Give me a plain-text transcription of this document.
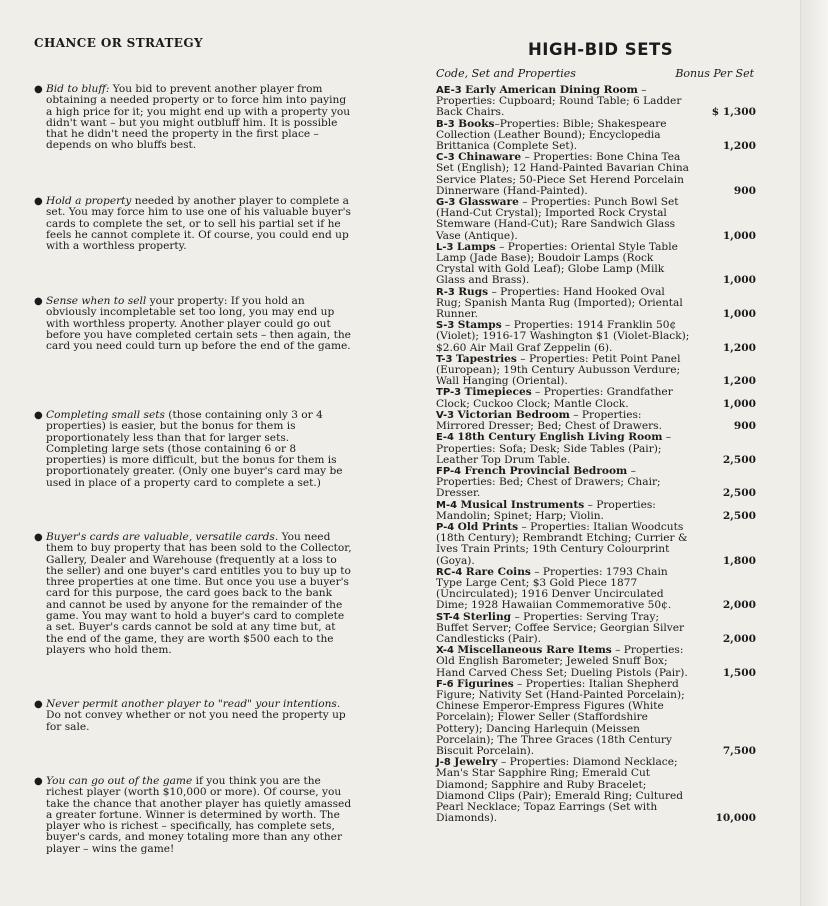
CHANCE OR STRATEGY
● Bid to bluff: You bid to prevent another player from obtaining a needed property or to force him into paying a high price for it; you might end up with a property you didn't want – but you might outbluff him. It is possible that he didn't need the property in the first place – depends on who bluffs best.
● Hold a property needed by another player to complete a set. You may force him to use one of his valuable buyer's cards to complete the set, or to sell his partial set if he feels he cannot complete it. Of course, you could end up with a worthless property.
● Sense when to sell your property: If you hold an obviously incompletable set too long, you may end up with worthless property. Another player could go out before you have completed certain sets – then again, the card you need could turn up before the end of the game.
● Completing small sets (those containing only 3 or 4 properties) is easier, but the bonus for them is proportionately less than that for larger sets. Completing large sets (those containing 6 or 8 properties) is more difficult, but the bonus for them is proportionately greater. (Only one buyer's card may be used in place of a property card to complete a set.)
● Buyer's cards are valuable, versatile cards. You need them to buy property that has been sold to the Collector, Gallery, Dealer and Warehouse (frequently at a loss to the seller) and one buyer's card entitles you to buy up to three properties at one time. But once you use a buyer's card for this purpose, the card goes back to the bank and cannot be used by anyone for the remainder of the game. You may want to hold a buyer's card to complete a set. Buyer's cards cannot be sold at any time but, at the end of the game, they are worth $500 each to the players who hold them.
● Never permit another player to "read" your intentions. Do not convey whether or not you need the property up for sale.
● You can go out of the game if you think you are the richest player (worth $10,000 or more). Of course, you take the chance that another player has quietly amassed a greater fortune. Winner is determined by worth. The player who is richest – specifically, has complete sets, buyer's cards, and money totaling more than any other player – wins the game!
HIGH-BID SETS
Code, Set and Properties	Bonus Per Set
AE-3 Early American Dining Room – Properties: Cupboard; Round Table; 6 Ladder Back Chairs.	$ 1,300
B-3 Books–Properties: Bible; Shakespeare Collection (Leather Bound); Encyclopedia Brittanica (Complete Set).	1,200
C-3 Chinaware – Properties: Bone China Tea Set (English); 12 Hand-Painted Bavarian China Service Plates; 50-Piece Set Herend Porcelain Dinnerware (Hand-Painted).	900
G-3 Glassware – Properties: Punch Bowl Set (Hand-Cut Crystal); Imported Rock Crystal Stemware (Hand-Cut); Rare Sandwich Glass Vase (Antique).	1,000
L-3 Lamps – Properties: Oriental Style Table Lamp (Jade Base); Boudoir Lamps (Rock Crystal with Gold Leaf); Globe Lamp (Milk Glass and Brass).	1,000
R-3 Rugs – Properties: Hand Hooked Oval Rug; Spanish Manta Rug (Imported); Oriental Runner.	1,000
S-3 Stamps – Properties: 1914 Franklin 50¢ (Violet); 1916-17 Washington $1 (Violet-Black); $2.60 Air Mail Graf Zeppelin (6).	1,200
T-3 Tapestries – Properties: Petit Point Panel (European); 19th Century Aubusson Verdure; Wall Hanging (Oriental).	1,200
TP-3 Timepieces – Properties: Grandfather Clock; Cuckoo Clock; Mantle Clock.	1,000
V-3 Victorian Bedroom – Properties: Mirrored Dresser; Bed; Chest of Drawers.	900
E-4 18th Century English Living Room – Properties: Sofa; Desk; Side Tables (Pair); Leather Top Drum Table.	2,500
FP-4 French Provincial Bedroom – Properties: Bed; Chest of Drawers; Chair; Dresser.	2,500
M-4 Musical Instruments – Properties: Mandolin; Spinet; Harp; Violin.	2,500
P-4 Old Prints – Properties: Italian Woodcuts (18th Century); Rembrandt Etching; Currier & Ives Train Prints; 19th Century Colourprint (Goya).	1,800
RC-4 Rare Coins – Properties: 1793 Chain Type Large Cent; $3 Gold Piece 1877 (Uncirculated); 1916 Denver Uncirculated Dime; 1928 Hawaiian Commemorative 50¢.	2,000
ST-4 Sterling – Properties: Serving Tray; Buffet Server; Coffee Service; Georgian Silver Candlesticks (Pair).	2,000
X-4 Miscellaneous Rare Items – Properties: Old English Barometer; Jeweled Snuff Box; Hand Carved Chess Set; Dueling Pistols (Pair).	1,500
F-6 Figurines – Properties: Italian Shepherd Figure; Nativity Set (Hand-Painted Porcelain); Chinese Emperor-Empress Figures (White Porcelain); Flower Seller (Staffordshire Pottery); Dancing Harlequin (Meissen Porcelain); The Three Graces (18th Century Biscuit Porcelain).	7,500
J-8 Jewelry – Properties: Diamond Necklace; Man's Star Sapphire Ring; Emerald Cut Diamond; Sapphire and Ruby Bracelet; Diamond Clips (Pair); Emerald Ring; Cultured Pearl Necklace; Topaz Earrings (Set with Diamonds).	10,000
